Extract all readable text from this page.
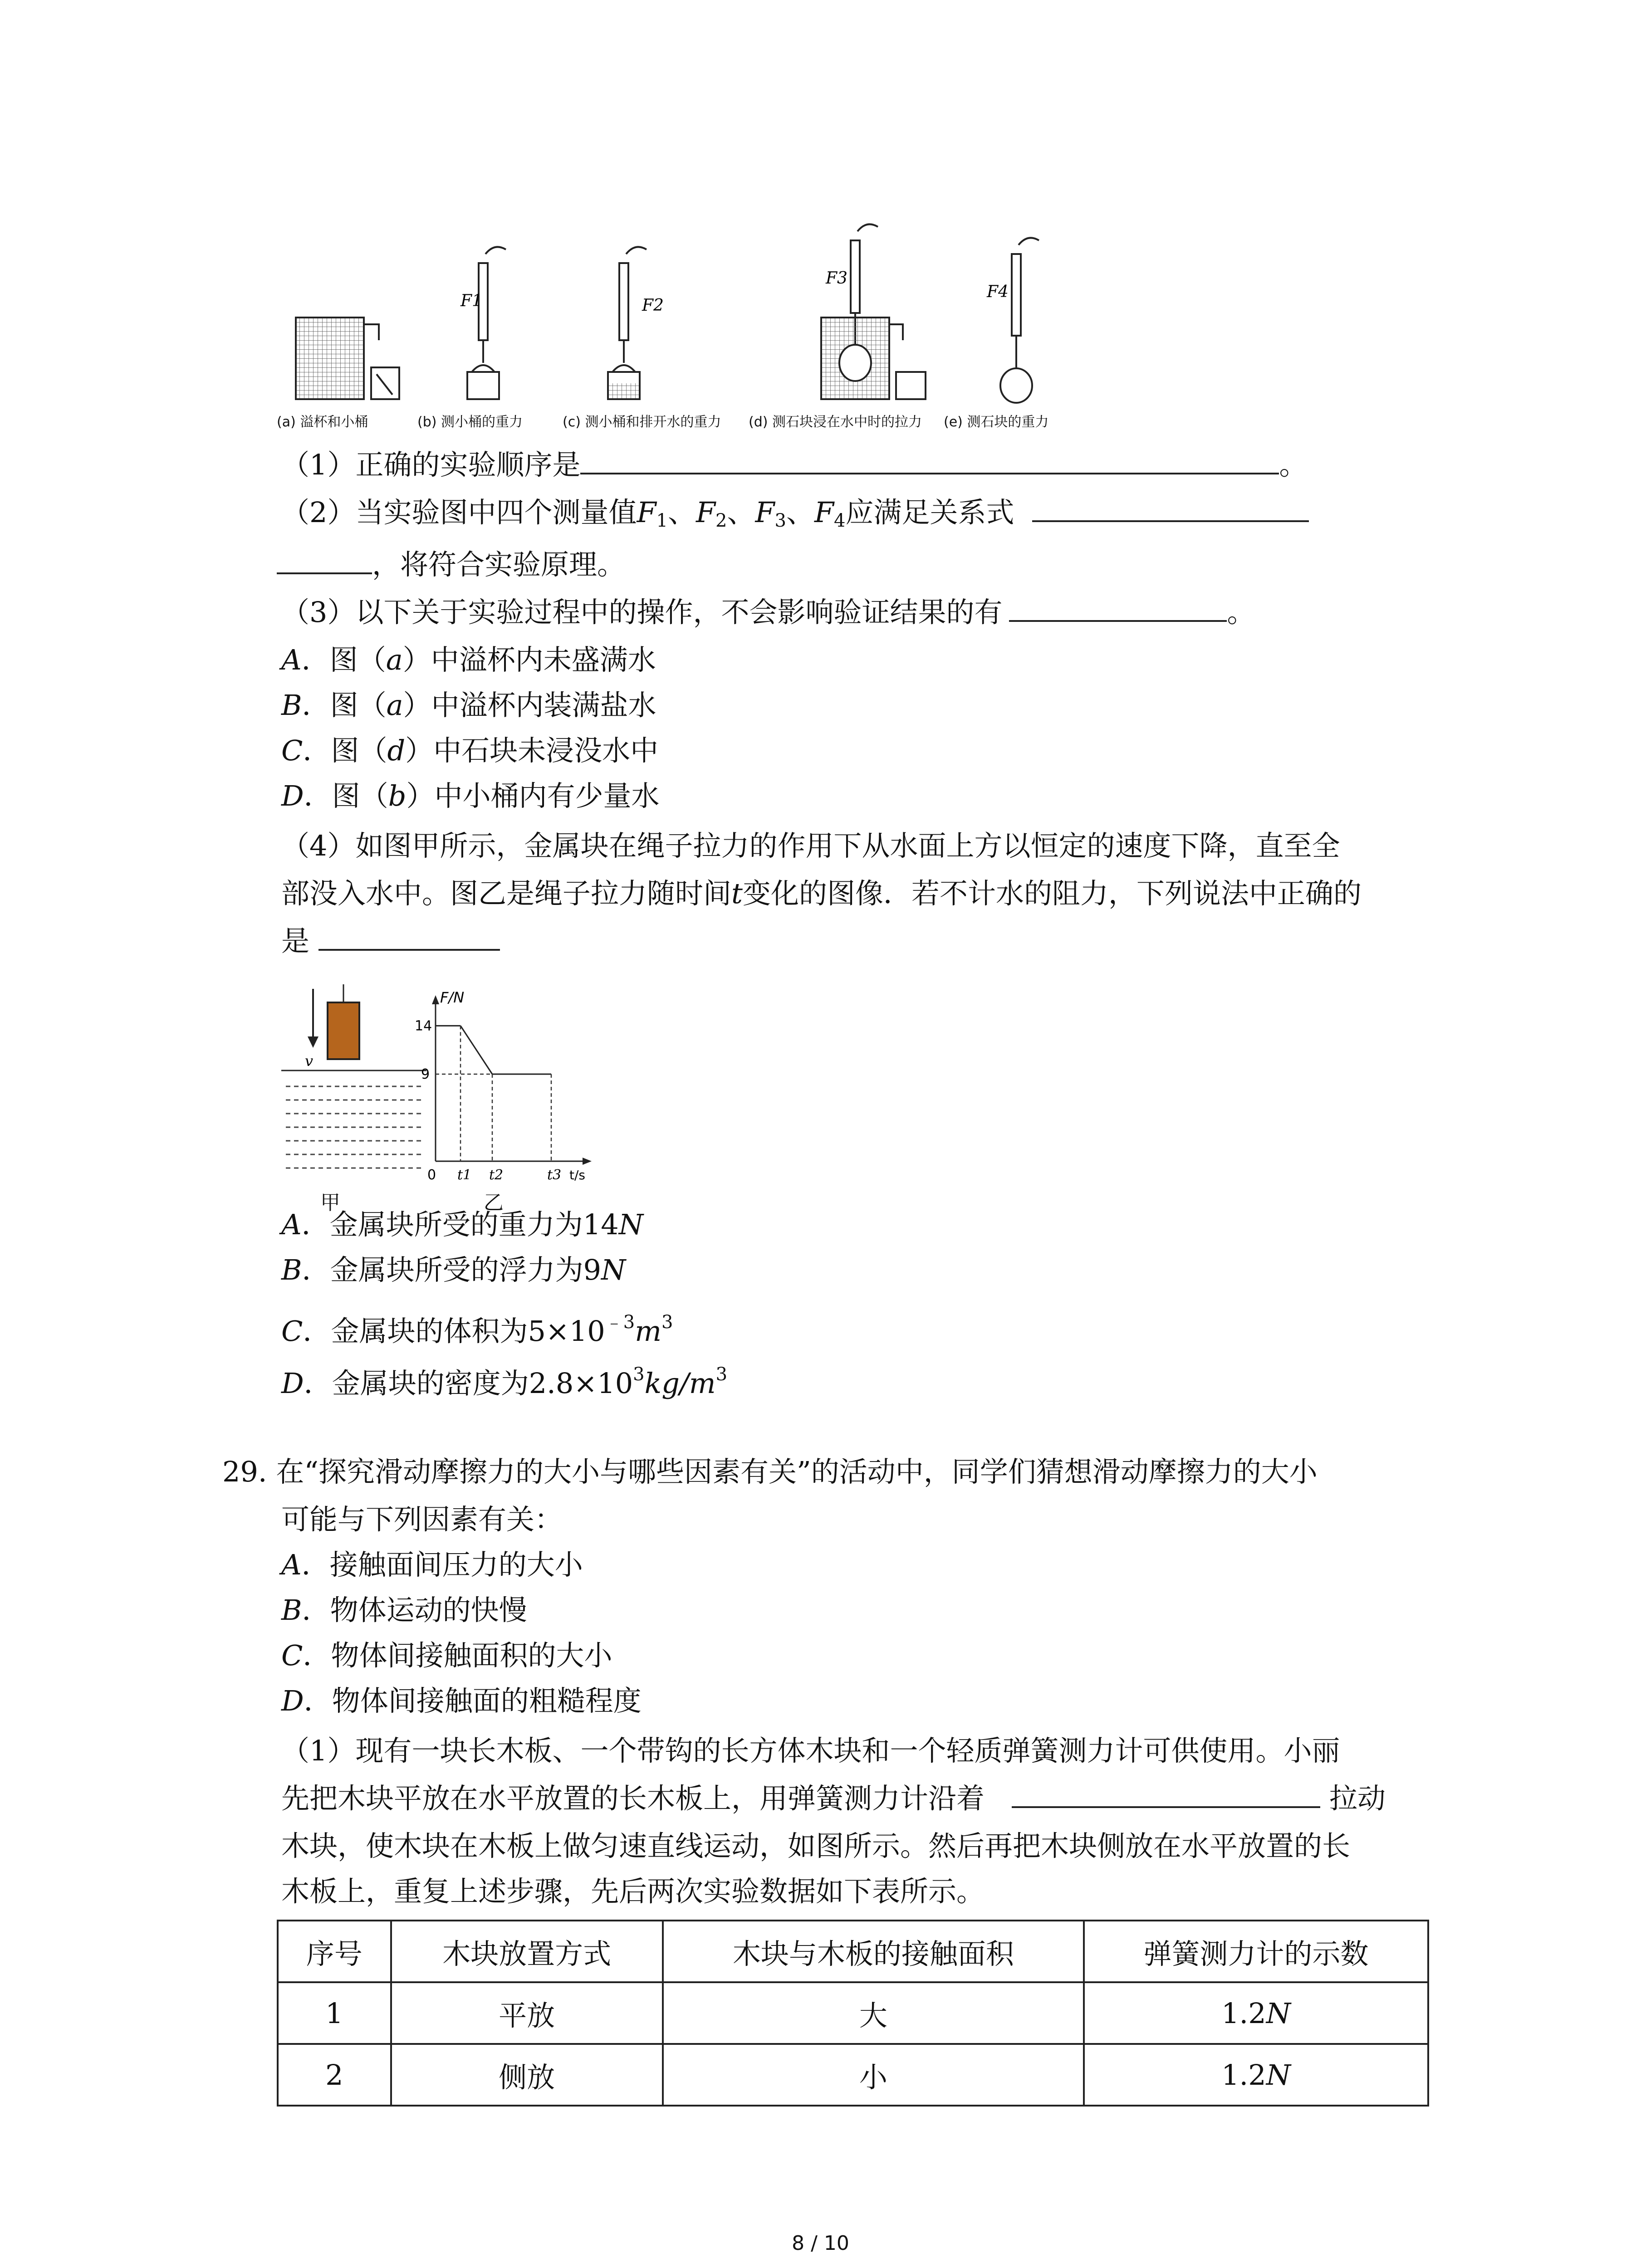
F1	F2
F3
F4
(a) 溢杯和小桶	(b) 测小桶的重力	(c) 测小桶和排开水的重力 (d) 测石块浸在水中时的拉力 (e) 测石块的重力
（1）正确的实验顺序是	。
（2）当实验图中四个测量值$F_1$、$F_2$、$F_3$、$F_4$应满足关系式
，将符合实验原理。
（3）以下关于实验过程中的操作，不会影响验证结果的有	。
A．图（a）中溢杯内未盛满水
B．图（a）中溢杯内装满盐水
C．图（d）中石块未浸没水中
D．图（b）中小桶内有少量水
（4）如图甲所示，金属块在绳子拉力的作用下从水面上方以恒定的速度下降，直至全
部没入水中。图乙是绳子拉力随时间t变化的图像．若不计水的阻力，下列说法中正确的
是
v
F/N
14
9
0 t1 t2	t3 t/s
甲	乙
A．金属块所受的重力为14N
B．金属块所受的浮力为9N
C．金属块的体积为$5\times 10^{﹣3}m^3$
D．金属块的密度为$2.8\times 10^3kg/m^3$
29. 在“探究滑动摩擦力的大小与哪些因素有关”的活动中，同学们猜想滑动摩擦力的大小
可能与下列因素有关：
A．接触面间压力的大小
B．物体运动的快慢
C．物体间接触面积的大小
D．物体间接触面的粗糙程度
（1）现有一块长木板、一个带钩的长方体木块和一个轻质弹簧测力计可供使用。小丽
先把木块平放在水平放置的长木板上，用弹簧测力计沿着	拉动
木块，使木块在木板上做匀速直线运动，如图所示。然后再把木块侧放在水平放置的长
木板上，重复上述步骤，先后两次实验数据如下表所示。
序号	木块放置方式	木块与木板的接触面积	弹簧测力计的示数
1	平放	大	1.2N
2	侧放	小	1.2N
8 / 10
